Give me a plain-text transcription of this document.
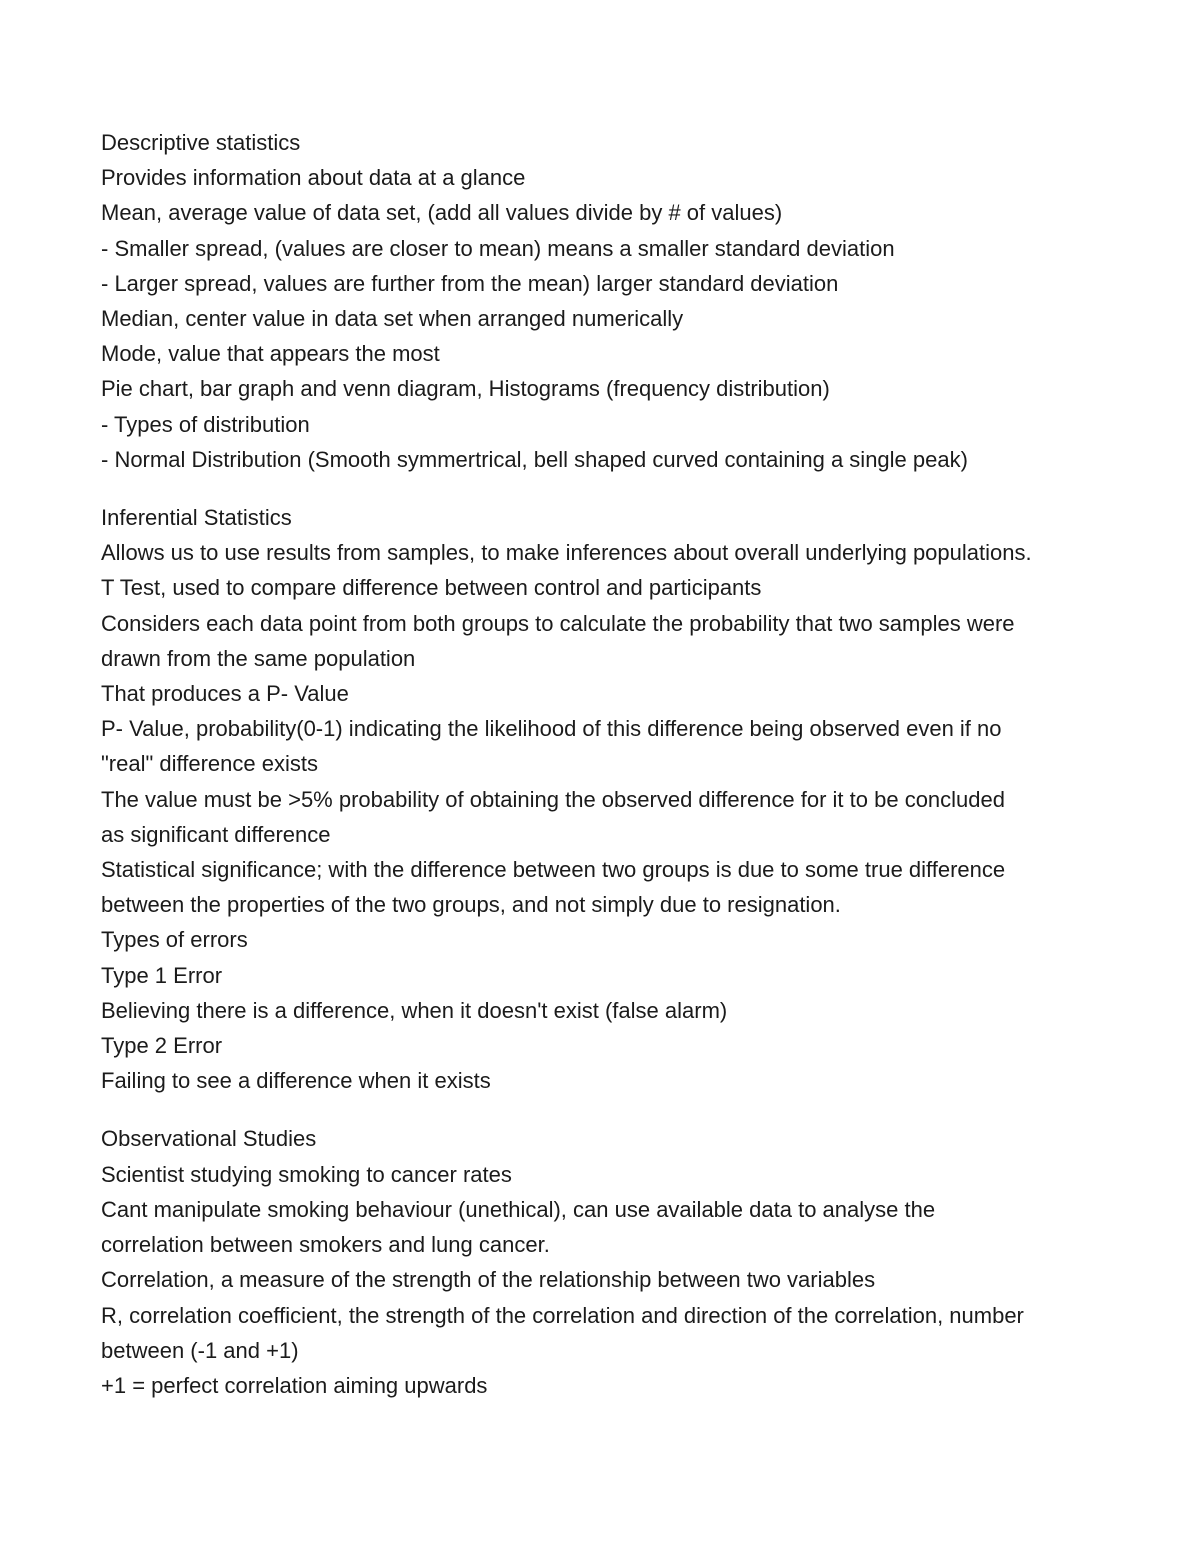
Descriptive statistics

Provides information about data at a glance

Mean, average value of data set, (add all values divide by # of values)

- Smaller spread, (values are closer to mean) means a smaller standard deviation

- Larger spread, values are further from the mean) larger standard deviation

Median, center value in data set when arranged numerically

Mode, value that appears the most

Pie chart, bar graph and venn diagram, Histograms (frequency distribution)

- Types of distribution

- Normal Distribution (Smooth symmertrical, bell shaped curved containing a single peak)

Inferential Statistics

Allows us to use results from samples, to make inferences about overall underlying populations.

T Test, used to compare difference between control and participants

Considers each data point from both groups to calculate the probability that two samples were
drawn from the same population

That produces a P- Value

P- Value, probability(0-1) indicating the likelihood of this difference being observed even if no
"real" difference exists

The value must be >5% probability of obtaining the observed difference for it to be concluded
as significant difference

Statistical significance; with the difference between two groups is due to some true difference
between the properties of the two groups, and not simply due to resignation.

Types of errors

Type 1 Error

Believing there is a difference, when it doesn't exist (false alarm)

Type 2 Error

Failing to see a difference when it exists

Observational Studies

Scientist studying smoking to cancer rates

Cant manipulate smoking behaviour (unethical), can use available data to analyse the
correlation between smokers and lung cancer.

Correlation, a measure of the strength of the relationship between two variables

R, correlation coefficient, the strength of the correlation and direction of the correlation, number
between (-1 and +1)

+1 = perfect correlation aiming upwards
